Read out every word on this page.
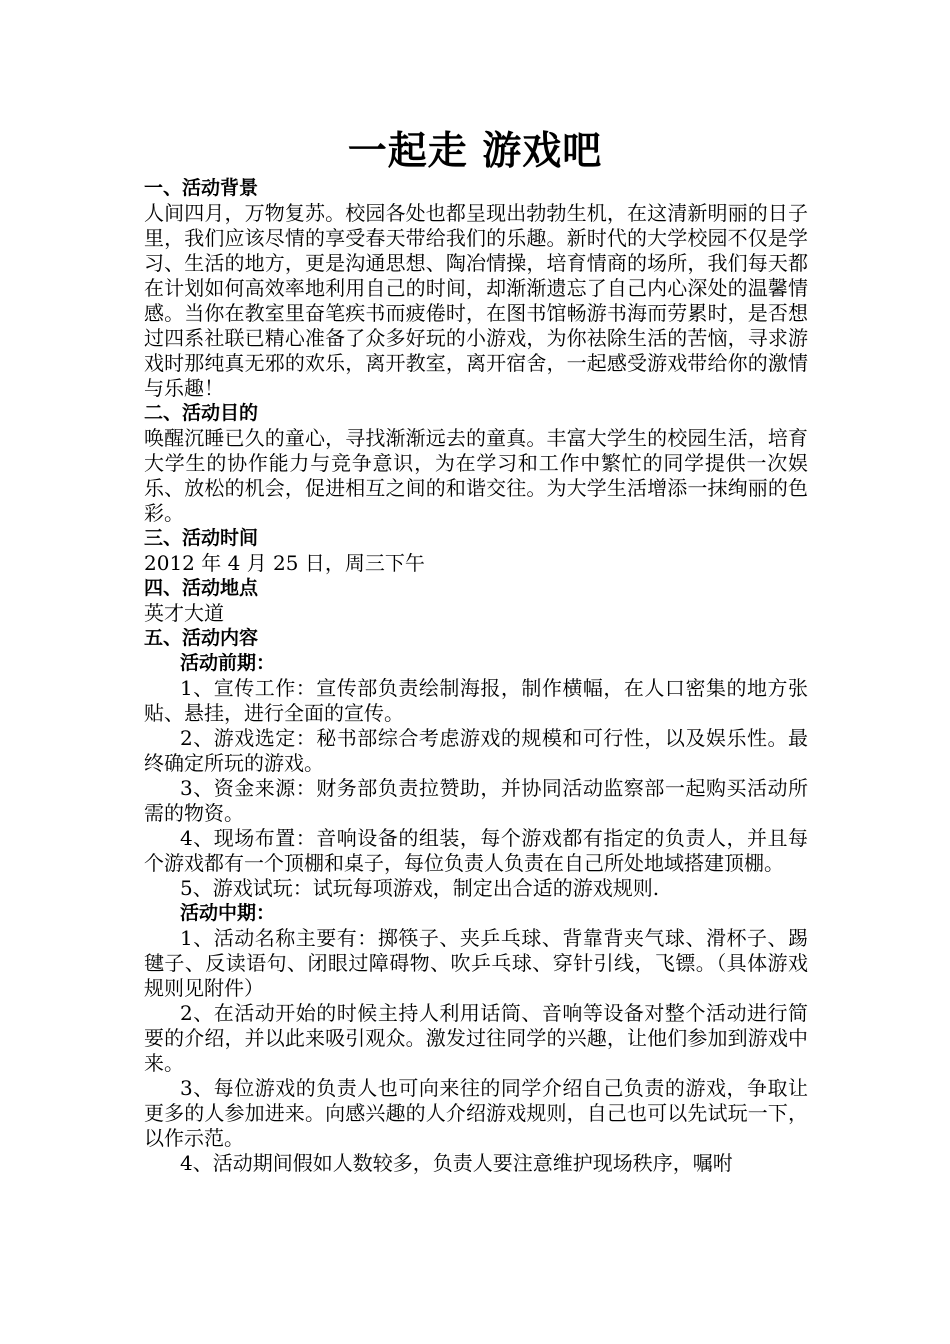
一起走 游戏吧
一、活动背景

人间四月，万物复苏。校园各处也都呈现出勃勃生机，在这清新明丽的日子里，我们应该尽情的享受春天带给我们的乐趣。新时代的大学校园不仅是学习、生活的地方，更是沟通思想、陶冶情操，培育情商的场所，我们每天都在计划如何高效率地利用自己的时间，却渐渐遗忘了自己内心深处的温馨情感。当你在教室里奋笔疾书而疲倦时，在图书馆畅游书海而劳累时，是否想过四系社联已精心准备了众多好玩的小游戏，为你祛除生活的苦恼，寻求游戏时那纯真无邪的欢乐，离开教室，离开宿舍，一起感受游戏带给你的激情与乐趣！

二、活动目的

唤醒沉睡已久的童心，寻找渐渐远去的童真。丰富大学生的校园生活，培育大学生的协作能力与竞争意识，为在学习和工作中繁忙的同学提供一次娱乐、放松的机会，促进相互之间的和谐交往。为大学生活增添一抹绚丽的色彩。

三、活动时间

2012 年 4 月 25 日，周三下午

四、活动地点

英才大道

五、活动内容
活动前期：

1、宣传工作：宣传部负责绘制海报，制作横幅，在人口密集的地方张贴、悬挂，进行全面的宣传。

2、游戏选定：秘书部综合考虑游戏的规模和可行性，以及娱乐性。最终确定所玩的游戏。

3、资金来源：财务部负责拉赞助，并协同活动监察部一起购买活动所需的物资。

4、现场布置：音响设备的组装，每个游戏都有指定的负责人，并且每个游戏都有一个顶棚和桌子，每位负责人负责在自己所处地域搭建顶棚。

5、游戏试玩：试玩每项游戏，制定出合适的游戏规则.

活动中期：

1、活动名称主要有：掷筷子、夹乒乓球、背靠背夹气球、滑杯子、踢毽子、反读语句、闭眼过障碍物、吹乒乓球、穿针引线，飞镖。（具体游戏规则见附件）

2、在活动开始的时候主持人利用话筒、音响等设备对整个活动进行简要的介绍，并以此来吸引观众。激发过往同学的兴趣，让他们参加到游戏中来。

3、每位游戏的负责人也可向来往的同学介绍自己负责的游戏，争取让更多的人参加进来。向感兴趣的人介绍游戏规则，自己也可以先试玩一下，以作示范。

4、活动期间假如人数较多，负责人要注意维护现场秩序，嘱咐
